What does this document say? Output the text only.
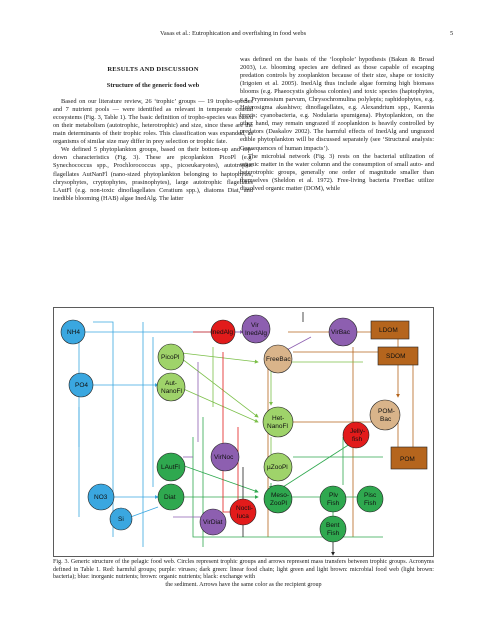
Vasas et al.: Eutrophication and overfishing in food webs	5
RESULTS AND DISCUSSION
Structure of the generic food web

Based on our literature review, 26 ‘trophic’ groups — 19 tropho-species and 7 nutrient pools — were identified as relevant in temperate coastal ecosystems (Fig. 3, Table 1). The basic definition of tropho-species was based on their metabolism (autotrophic, heterotrophic) and size, since these are the main determinants of their trophic roles. This classification was expanded, as organisms of similar size may differ in prey selection or trophic fate.

We defined 5 phytoplankton groups, based on their bottom-up and top-down characteristics (Fig. 3). These are picoplankton PicoPl (e.g. Synechococcus spp., Prochlorococcus spp., picoeukaryotes), autotrophic flagellates AutNanFl (nano-sized phytoplankton belonging to haptophytes, chrysophytes, cryptophytes, prasinophytes), large autotrophic flagellates LAutFl (e.g. non-toxic dinoflagellates Ceratium spp.), diatoms Diat, and inedible blooming (HAB) algae InedAlg. The latter

was defined on the basis of the ‘loophole’ hypothesis (Bakun & Broad 2003), i.e. blooming species are defined as those capable of escaping predation controls by zooplankton because of their size, shape or toxicity (Irigoien et al. 2005). InedAlg thus include algae forming high biomass blooms (e.g. Phaeocystis globosa colonies) and toxic species (haptophytes, e.g. Prymnesium parvum, Chrysochromulina polylepis; raphidophytes, e.g. Heterosigma akashiwo; dinoflagellates, e.g. Alexandrium spp., Karenia brevis; cyanobacteria, e.g. Nodularia spumigena). Phytoplankton, on the other hand, may remain ungrazed if zooplankton is heavily controlled by predators (Daskalov 2002). The harmful effects of InedAlg and ungrazed edible phytoplankton will be discussed separately (see ‘Structural analysis: Consequences of human impacts’).

The microbial network (Fig. 3) rests on the bacterial utilization of organic matter in the water column and the consumption of small auto- and heterotrophic groups, generally one order of magnitude smaller than themselves (Sheldon et al. 1972). Free-living bacteria FreeBac utilize dissolved organic matter (DOM), while

NH4	InedAlg
Vir
InedAlg	VirBac	LDOM
PicoPl	FreeBac	SDOM
PO4	Aut-
NanoFl
Het-
NanoFl
POM-
Bac
Jelly-
fish
VirNoc
µZooPl
POM
LAutFl
NO3	Diat
Si	VirDiat
Nocti-
luca
Meso-
ZooPl
Plv
Fish
Pisc
Fish
Bent
Fish
Fig. 3. Generic structure of the pelagic food web. Circles represent trophic groups and arrows represent mass transfers between trophic groups. Acronyms defined in Table 1. Red: harmful groups; purple: viruses; dark green: linear food chain; light green and light brown: microbial food web (light brown: bacteria); blue: inorganic nutrients; brown: organic nutrients; black: exchange with
the sediment. Arrows have the same color as the recipient group
